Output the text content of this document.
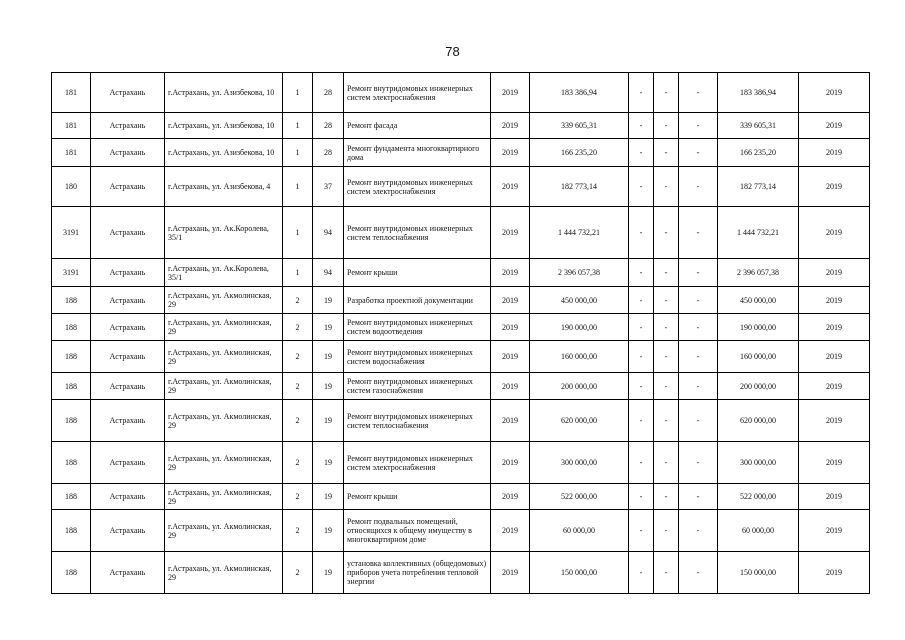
78
181	Астрахань	г.Астрахань, ул. Азизбекова, 10	1	28	Ремонт внутридомовых инженерных систем электроснабжения	2019	183 386,94	-	-	-	183 386,94	2019
181	Астрахань	г.Астрахань, ул. Азизбекова, 10	1	28	Ремонт фасада	2019	339 605,31	-	-	-	339 605,31	2019
181	Астрахань	г.Астрахань, ул. Азизбекова, 10	1	28	Ремонт фундамента многоквартирного дома	2019	166 235,20	-	-	-	166 235,20	2019
180	Астрахань	г.Астрахань, ул. Азизбекова, 4	1	37	Ремонт внутридомовых инженерных систем электроснабжения	2019	182 773,14	-	-	-	182 773,14	2019
3191	Астрахань	г.Астрахань, ул. Ак.Королева, 35/1	1	94	Ремонт внутридомовых инженерных систем теплоснабжения	2019	1 444 732,21	-	-	-	1 444 732,21	2019
3191	Астрахань	г.Астрахань, ул. Ак.Королева, 35/1	1	94	Ремонт крыши	2019	2 396 057,38	-	-	-	2 396 057,38	2019
188	Астрахань	г.Астрахань, ул. Акмолинская, 29	2	19	Разработка проектной документации	2019	450 000,00	-	-	-	450 000,00	2019
188	Астрахань	г.Астрахань, ул. Акмолинская, 29	2	19	Ремонт внутридомовых инженерных систем водоотведения	2019	190 000,00	-	-	-	190 000,00	2019
188	Астрахань	г.Астрахань, ул. Акмолинская, 29	2	19	Ремонт внутридомовых инженерных систем водоснабжения	2019	160 000,00	-	-	-	160 000,00	2019
188	Астрахань	г.Астрахань, ул. Акмолинская, 29	2	19	Ремонт внутридомовых инженерных систем газоснабжения	2019	200 000,00	-	-	-	200 000,00	2019
188	Астрахань	г.Астрахань, ул. Акмолинская, 29	2	19	Ремонт внутридомовых инженерных систем теплоснабжения	2019	620 000,00	-	-	-	620 000,00	2019
188	Астрахань	г.Астрахань, ул. Акмолинская, 29	2	19	Ремонт внутридомовых инженерных систем электроснабжения	2019	300 000,00	-	-	-	300 000,00	2019
188	Астрахань	г.Астрахань, ул. Акмолинская, 29	2	19	Ремонт крыши	2019	522 000,00	-	-	-	522 000,00	2019
188	Астрахань	г.Астрахань, ул. Акмолинская, 29	2	19	Ремонт подвальных помещений, относящихся к общему имуществу в многоквартирном доме	2019	60 000,00	-	-	-	60 000,00	2019
188	Астрахань	г.Астрахань, ул. Акмолинская, 29	2	19	установка коллективных (общедомовых) приборов учета потребления тепловой энергии	2019	150 000,00	-	-	-	150 000,00	2019
